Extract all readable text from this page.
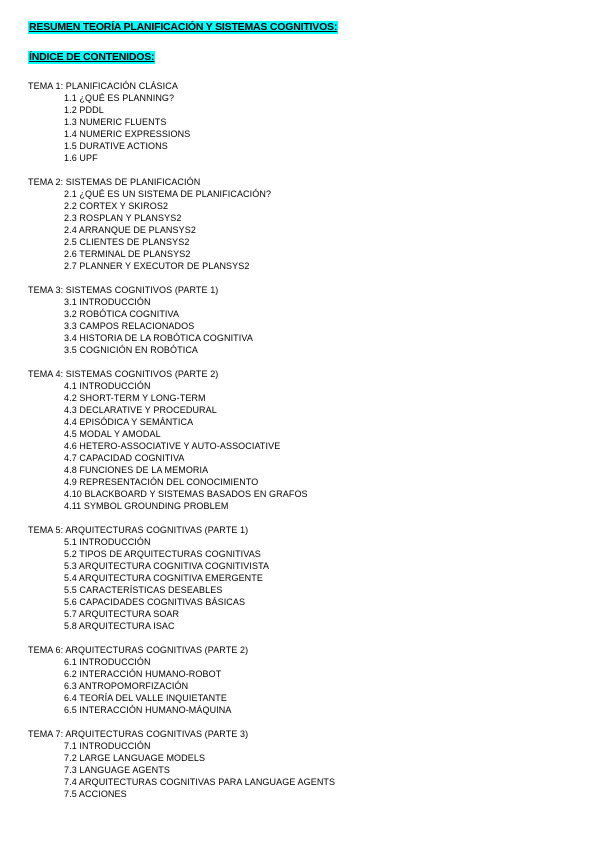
RESUMEN TEORÍA PLANIFICACIÓN Y SISTEMAS COGNITIVOS:
ÍNDICE DE CONTENIDOS:
TEMA 1: PLANIFICACIÓN CLÁSICA
1.1 ¿QUÉ ES PLANNING?
1.2 PDDL
1.3 NUMERIC FLUENTS
1.4 NUMERIC EXPRESSIONS
1.5 DURATIVE ACTIONS
1.6 UPF
TEMA 2: SISTEMAS DE PLANIFICACIÓN
2.1 ¿QUÉ ES UN SISTEMA DE PLANIFICACIÓN?
2.2 CORTEX Y SKIROS2
2.3 ROSPLAN Y PLANSYS2
2.4 ARRANQUE DE PLANSYS2
2.5 CLIENTES DE PLANSYS2
2.6 TERMINAL DE PLANSYS2
2.7 PLANNER Y EXECUTOR DE PLANSYS2
TEMA 3: SISTEMAS COGNITIVOS (PARTE 1)
3.1 INTRODUCCIÓN
3.2 ROBÓTICA COGNITIVA
3.3 CAMPOS RELACIONADOS
3.4 HISTORIA DE LA ROBÓTICA COGNITIVA
3.5 COGNICIÓN EN ROBÓTICA
TEMA 4: SISTEMAS COGNITIVOS (PARTE 2)
4.1 INTRODUCCIÓN
4.2 SHORT-TERM Y LONG-TERM
4.3 DECLARATIVE Y PROCEDURAL
4.4 EPISÓDICA Y SEMÁNTICA
4.5 MODAL Y AMODAL
4.6 HETERO-ASSOCIATIVE Y AUTO-ASSOCIATIVE
4.7 CAPACIDAD COGNITIVA
4.8 FUNCIONES DE LA MEMORIA
4.9 REPRESENTACIÓN DEL CONOCIMIENTO
4.10 BLACKBOARD Y SISTEMAS BASADOS EN GRAFOS
4.11 SYMBOL GROUNDING PROBLEM
TEMA 5: ARQUITECTURAS COGNITIVAS (PARTE 1)
5.1 INTRODUCCIÓN
5.2 TIPOS DE ARQUITECTURAS COGNITIVAS
5.3 ARQUITECTURA COGNITIVA COGNITIVISTA
5.4 ARQUITECTURA COGNITIVA EMERGENTE
5.5 CARACTERÍSTICAS DESEABLES
5.6 CAPACIDADES COGNITIVAS BÁSICAS
5.7 ARQUITECTURA SOAR
5.8 ARQUITECTURA ISAC
TEMA 6: ARQUITECTURAS COGNITIVAS (PARTE 2)
6.1 INTRODUCCIÓN
6.2 INTERACCIÓN HUMANO-ROBOT
6.3 ANTROPOMORFIZACIÓN
6.4 TEORÍA DEL VALLE INQUIETANTE
6.5 INTERACCIÓN HUMANO-MÁQUINA
TEMA 7: ARQUITECTURAS COGNITIVAS (PARTE 3)
7.1 INTRODUCCIÓN
7.2 LARGE LANGUAGE MODELS
7.3 LANGUAGE AGENTS
7.4 ARQUITECTURAS COGNITIVAS PARA LANGUAGE AGENTS
7.5 ACCIONES
